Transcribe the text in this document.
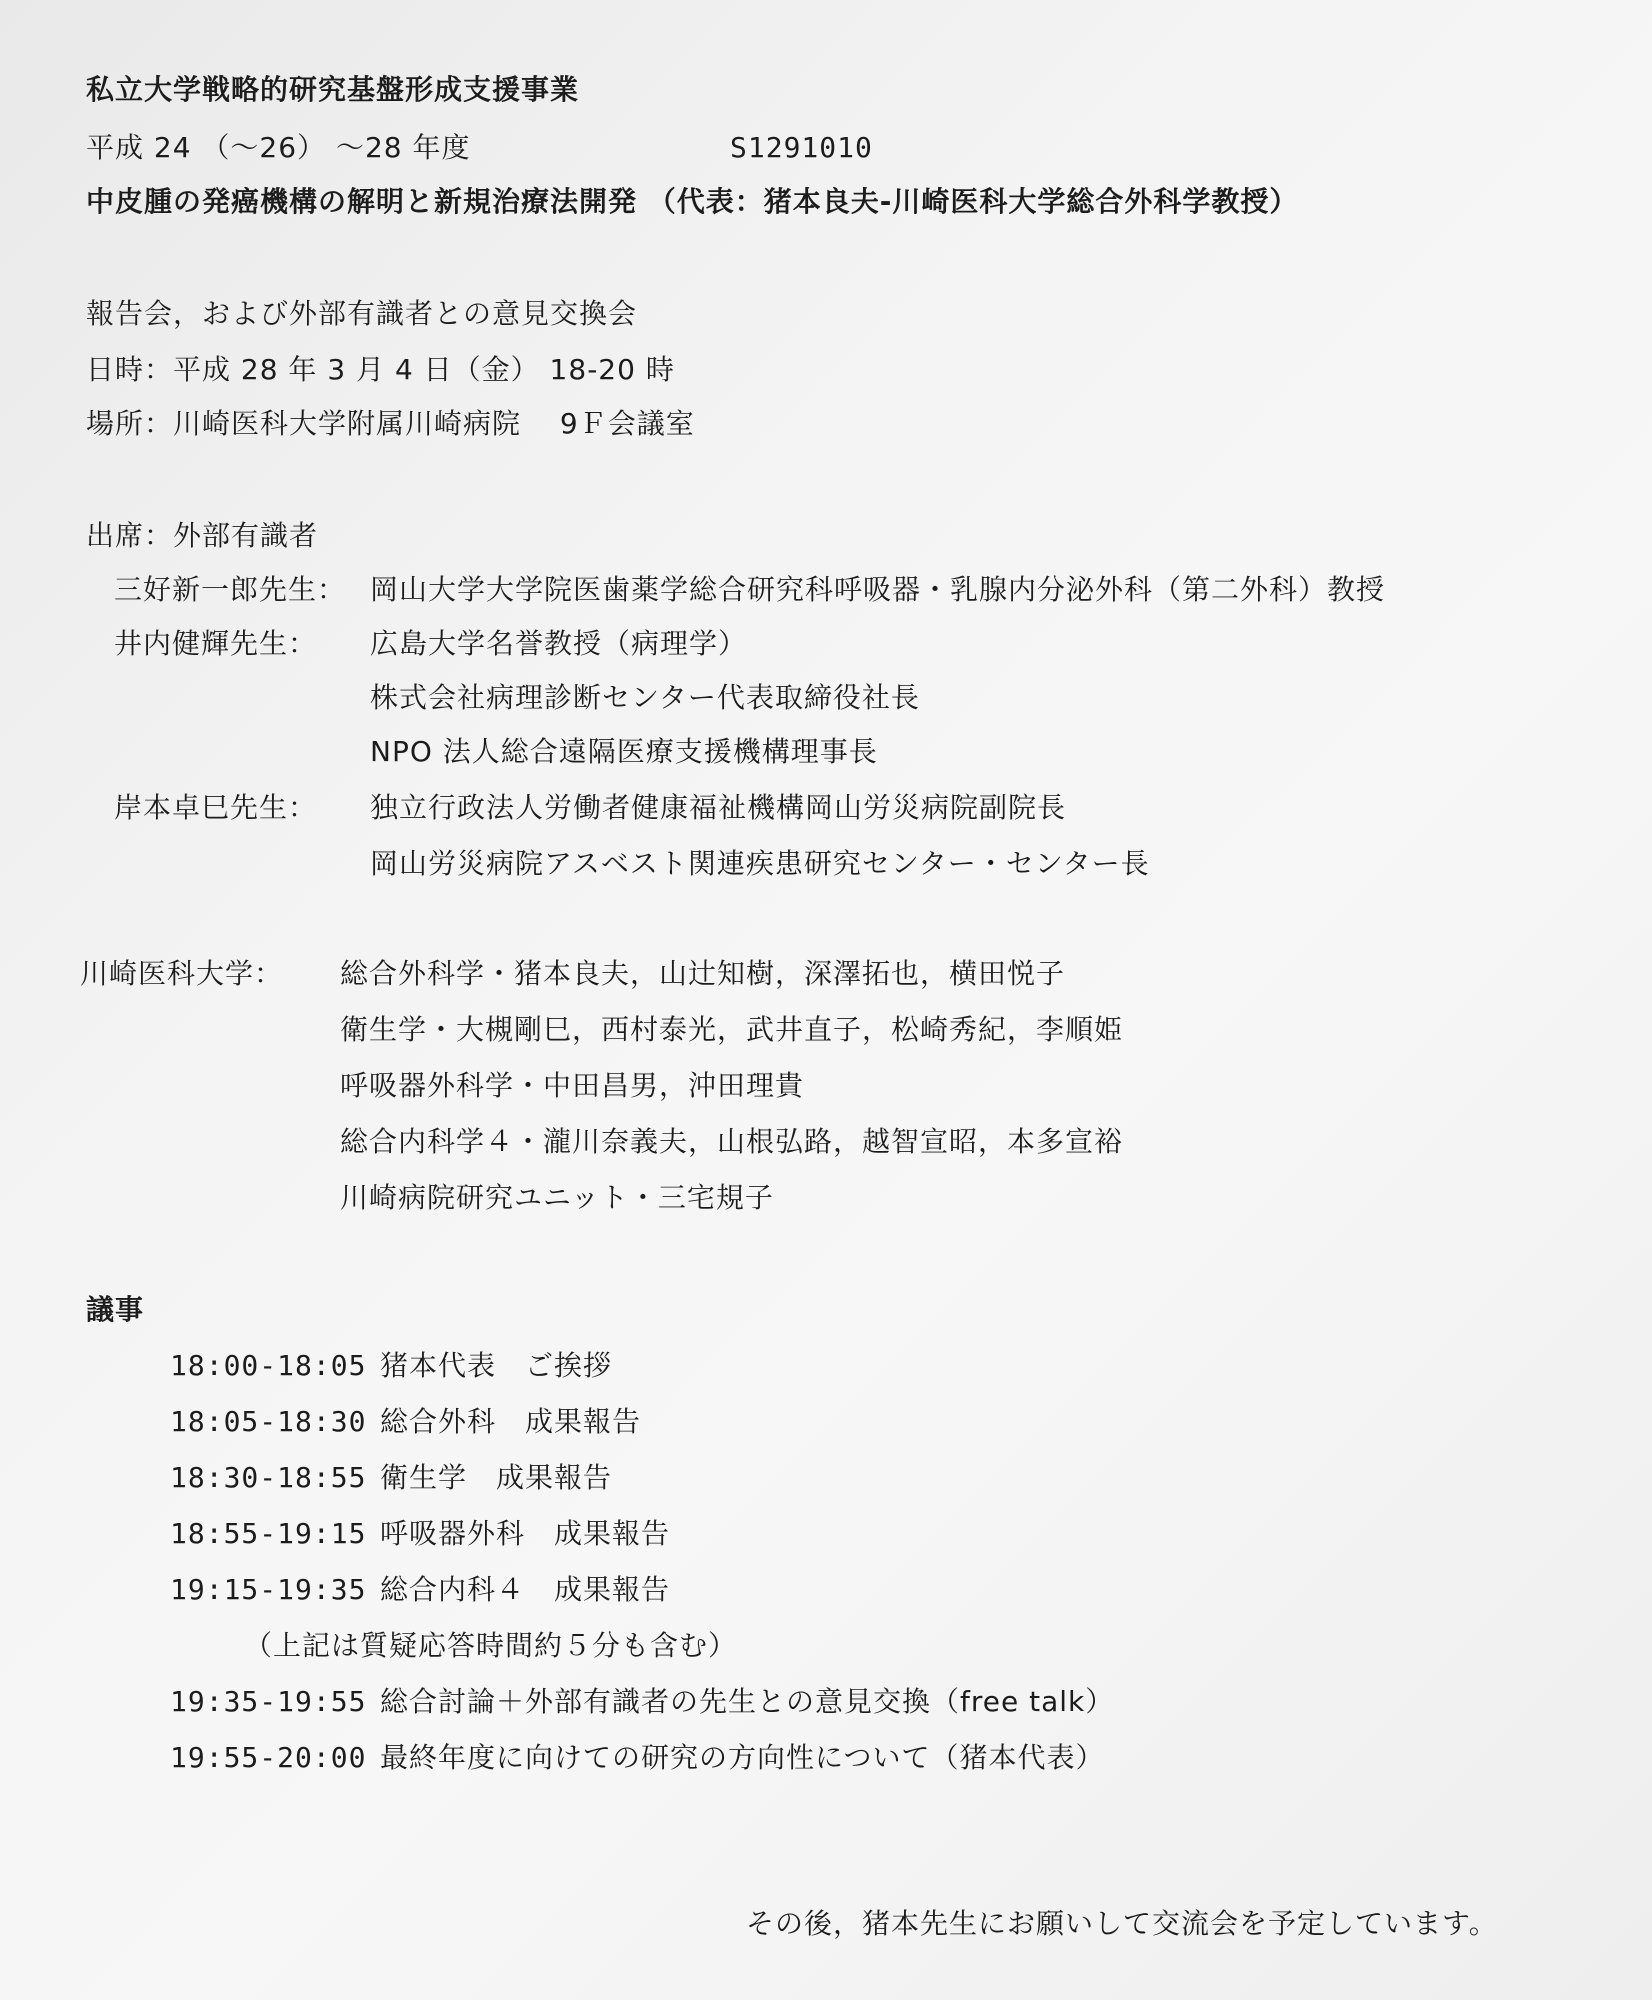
私立大学戦略的研究基盤形成支援事業
平成 24 （～26） ～28 年度	S1291010
中皮腫の発癌機構の解明と新規治療法開発 （代表：猪本良夫-川崎医科大学総合外科学教授）
報告会，および外部有識者との意見交換会
日時：平成 28 年 3 月 4 日（金） 18-20 時
場所：川崎医科大学附属川崎病院　 9Ｆ会議室
出席：外部有識者
三好新一郎先生： 岡山大学大学院医歯薬学総合研究科呼吸器・乳腺内分泌外科（第二外科）教授
井内健輝先生： 広島大学名誉教授（病理学）
株式会社病理診断センター代表取締役社長
NPO 法人総合遠隔医療支援機構理事長
岸本卓巳先生： 独立行政法人労働者健康福祉機構岡山労災病院副院長
岡山労災病院アスベスト関連疾患研究センター・センター長
川崎医科大学： 総合外科学・猪本良夫，山辻知樹，深澤拓也，横田悦子
衛生学・大槻剛巳，西村泰光，武井直子，松崎秀紀，李順姫
呼吸器外科学・中田昌男，沖田理貴
総合内科学４・瀧川奈義夫，山根弘路，越智宣昭，本多宣裕
川崎病院研究ユニット・三宅規子
議事
18:00-18:05 猪本代表　ご挨拶
18:05-18:30 総合外科　成果報告
18:30-18:55 衛生学　成果報告
18:55-19:15 呼吸器外科　成果報告
19:15-19:35 総合内科４　成果報告
（上記は質疑応答時間約５分も含む）
19:35-19:55 総合討論＋外部有識者の先生との意見交換（free talk）
19:55-20:00 最終年度に向けての研究の方向性について（猪本代表）
その後，猪本先生にお願いして交流会を予定しています。
